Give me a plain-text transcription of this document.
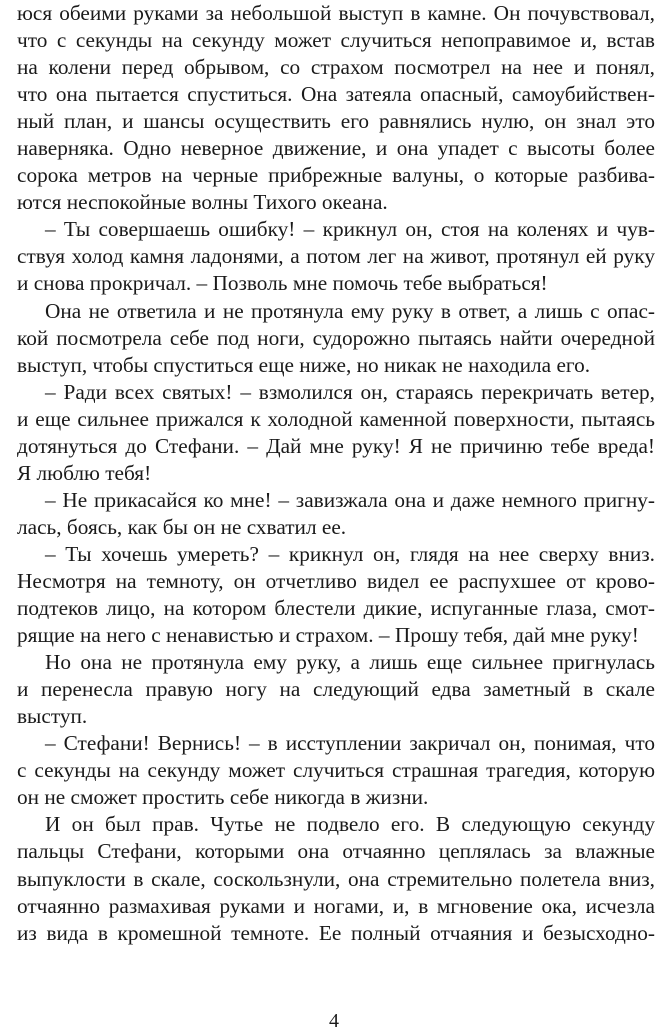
юся обеими руками за небольшой выступ в камне. Он почувствовал,
что с секунды на секунду может случиться непоправимое и, встав
на колени перед обрывом, со страхом посмотрел на нее и понял,
что она пытается спуститься. Она затеяла опасный, самоубийствен-
ный план, и шансы осуществить его равнялись нулю, он знал это
наверняка. Одно неверное движение, и она упадет с высоты более
сорока метров на черные прибрежные валуны, о которые разбива-
ются неспокойные волны Тихого океана.
– Ты совершаешь ошибку! – крикнул он, стоя на коленях и чув-
ствуя холод камня ладонями, а потом лег на живот, протянул ей руку
и снова прокричал. – Позволь мне помочь тебе выбраться!
Она не ответила и не протянула ему руку в ответ, а лишь с опас-
кой посмотрела себе под ноги, судорожно пытаясь найти очередной
выступ, чтобы спуститься еще ниже, но никак не находила его.
– Ради всех святых! – взмолился он, стараясь перекричать ветер,
и еще сильнее прижался к холодной каменной поверхности, пытаясь
дотянуться до Стефани. – Дай мне руку! Я не причиню тебе вреда!
Я люблю тебя!
– Не прикасайся ко мне! – завизжала она и даже немного пригну-
лась, боясь, как бы он не схватил ее.
– Ты хочешь умереть? – крикнул он, глядя на нее сверху вниз.
Несмотря на темноту, он отчетливо видел ее распухшее от крово-
подтеков лицо, на котором блестели дикие, испуганные глаза, смот-
рящие на него с ненавистью и страхом. – Прошу тебя, дай мне руку!
Но она не протянула ему руку, а лишь еще сильнее пригнулась
и перенесла правую ногу на следующий едва заметный в скале
выступ.
– Стефани! Вернись! – в исступлении закричал он, понимая, что
с секунды на секунду может случиться страшная трагедия, которую
он не сможет простить себе никогда в жизни.
И он был прав. Чутье не подвело его. В следующую секунду
пальцы Стефани, которыми она отчаянно цеплялась за влажные
выпуклости в скале, соскользнули, она стремительно полетела вниз,
отчаянно размахивая руками и ногами, и, в мгновение ока, исчезла
из вида в кромешной темноте. Ее полный отчаяния и безысходно-
4
